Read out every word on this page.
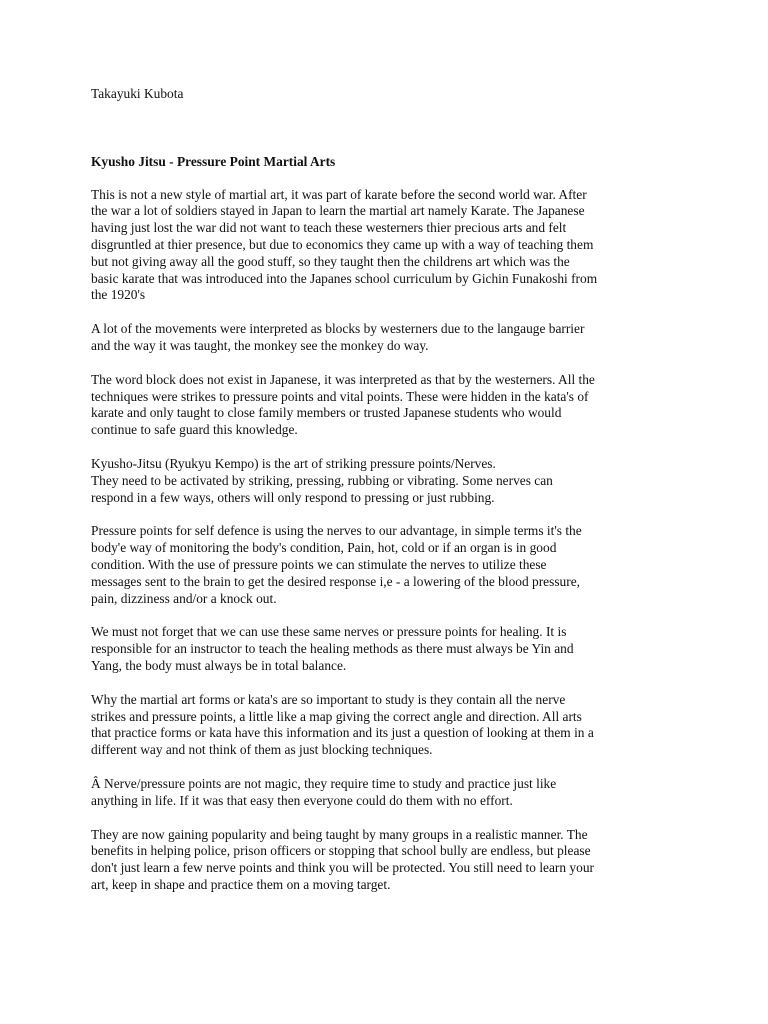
Takayuki Kubota
Kyusho Jitsu - Pressure Point Martial Arts
This is not a new style of martial art, it was part of karate before the second world war. After
the war a lot of soldiers stayed in Japan to learn the martial art namely Karate. The Japanese
having just lost the war did not want to teach these westerners thier precious arts and felt
disgruntled at thier presence, but due to economics they came up with a way of teaching them
but not giving away all the good stuff, so they taught then the childrens art which was the
basic karate that was introduced into the Japanes school curriculum by Gichin Funakoshi from
the 1920's
A lot of the movements were interpreted as blocks by westerners due to the langauge barrier
and the way it was taught, the monkey see the monkey do way.
The word block does not exist in Japanese, it was interpreted as that by the westerners. All the
techniques were strikes to pressure points and vital points. These were hidden in the kata's of
karate and only taught to close family members or trusted Japanese students who would
continue to safe guard this knowledge.
Kyusho-Jitsu (Ryukyu Kempo) is the art of striking pressure points/Nerves.
They need to be activated by striking, pressing, rubbing or vibrating. Some nerves can
respond in a few ways, others will only respond to pressing or just rubbing.
Pressure points for self defence is using the nerves to our advantage, in simple terms it's the
body'e way of monitoring the body's condition, Pain, hot, cold or if an organ is in good
condition. With the use of pressure points we can stimulate the nerves to utilize these
messages sent to the brain to get the desired response i,e - a lowering of the blood pressure,
pain, dizziness and/or a knock out.
We must not forget that we can use these same nerves or pressure points for healing. It is
responsible for an instructor to teach the healing methods as there must always be Yin and
Yang, the body must always be in total balance.
Why the martial art forms or kata's are so important to study is they contain all the nerve
strikes and pressure points, a little like a map giving the correct angle and direction. All arts
that practice forms or kata have this information and its just a question of looking at them in a
different way and not think of them as just blocking techniques.
Â Nerve/pressure points are not magic, they require time to study and practice just like
anything in life. If it was that easy then everyone could do them with no effort.
They are now gaining popularity and being taught by many groups in a realistic manner. The
benefits in helping police, prison officers or stopping that school bully are endless, but please
don't just learn a few nerve points and think you will be protected. You still need to learn your
art, keep in shape and practice them on a moving target.
